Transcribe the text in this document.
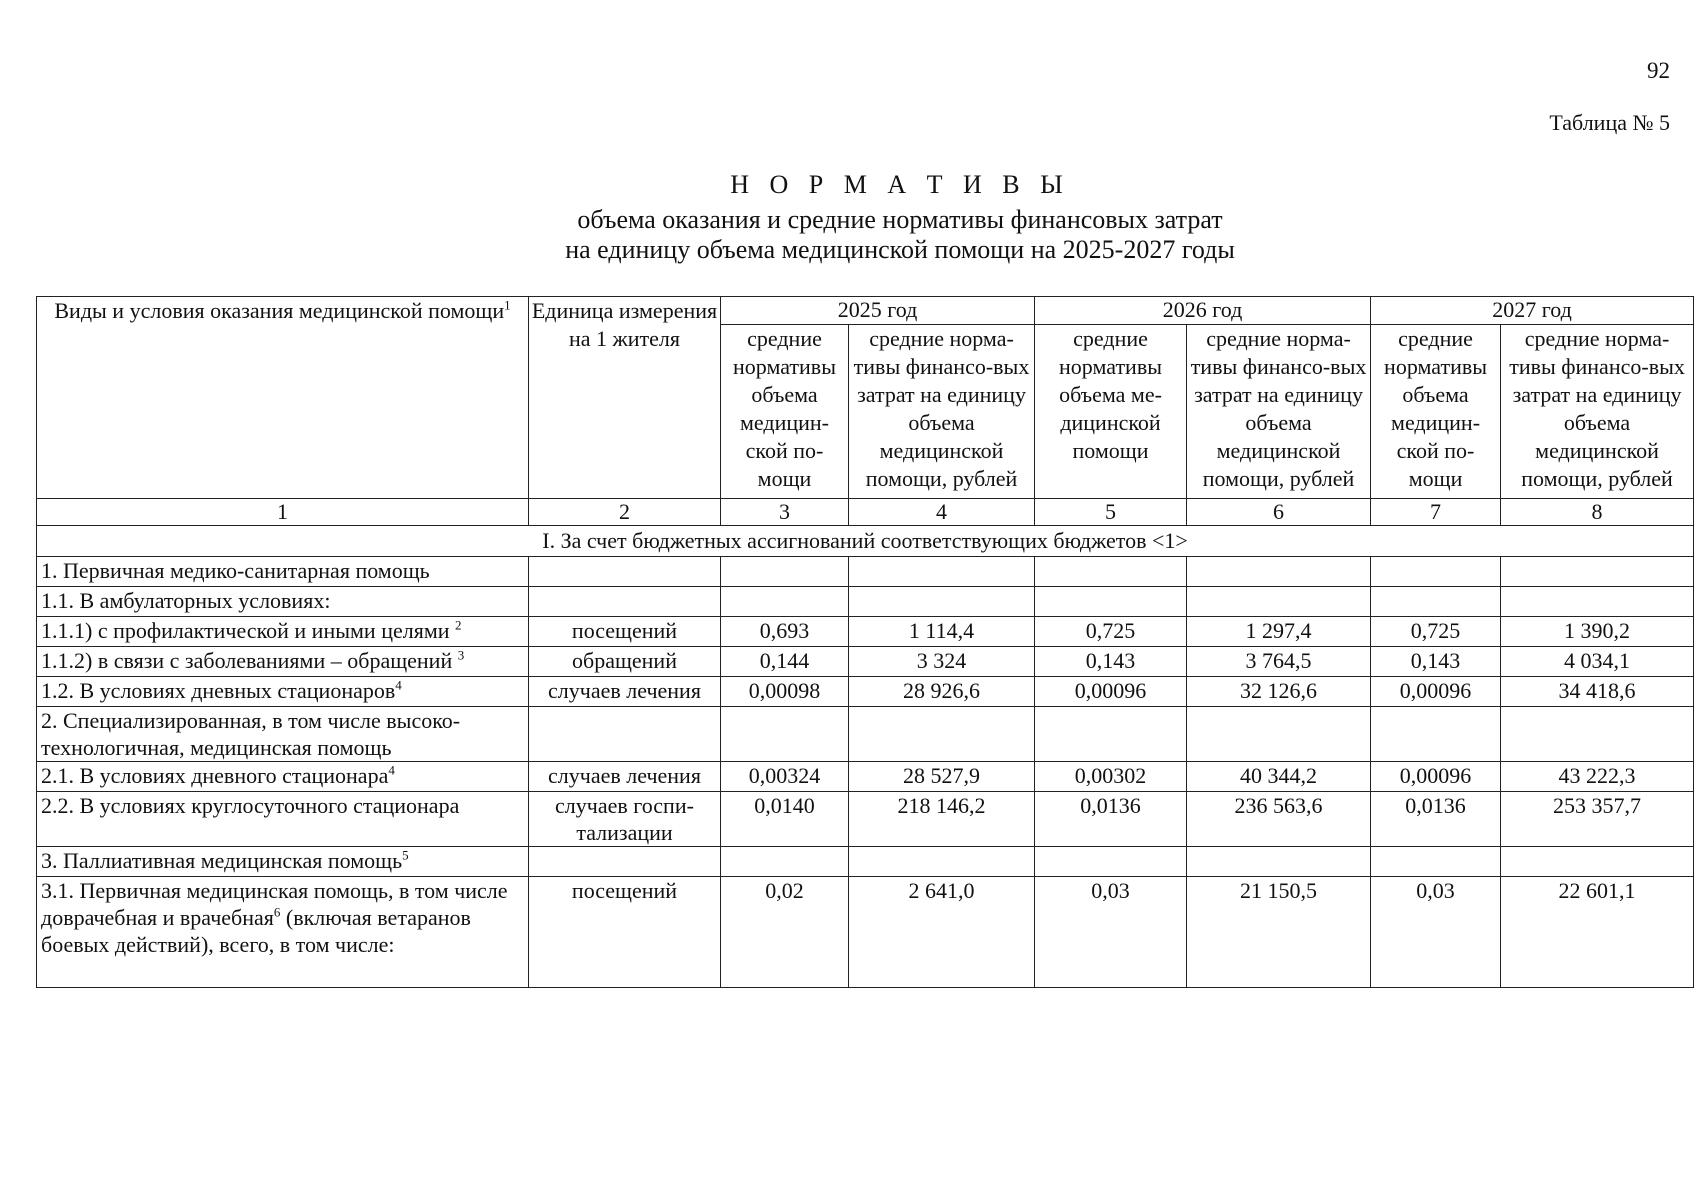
92
Таблица № 5
Н О Р М А Т И В Ы
объема оказания и средние нормативы финансовых затрат
на единицу объема медицинской помощи на 2025-2027 годы
Виды и условия оказания медицинской помощи$^1$	Единица измерения на 1 жителя	2025 год		2026 год		2027 год	
		средние нормативы объема медицин-ской по-мощи	средние норма-тивы финансо-вых затрат на единицу объема медицинской помощи, рублей	средние нормативы объема ме-дицинской помощи	средние норма-тивы финансо-вых затрат на единицу объема медицинской помощи, рублей	средние нормативы объема медицин-ской по-мощи	средние норма-тивы финансо-вых затрат на единицу объема медицинской помощи, рублей
1	2	3	4	5	6	7	8
I. За счет бюджетных ассигнований соответствующих бюджетов <1>							
1. Первичная медико-санитарная помощь							
1.1. В амбулаторных условиях:							
1.1.1) с профилактической и иными целями $^2$	посещений	0,693	1 114,4	0,725	1 297,4	0,725	1 390,2
1.1.2) в связи с заболеваниями – обращений $^3$	обращений	0,144	3 324	0,143	3 764,5	0,143	4 034,1
1.2. В условиях дневных стационаров$^4$	случаев лечения	0,00098	28 926,6	0,00096	32 126,6	0,00096	34 418,6
2. Специализированная, в том числе высоко-технологичная, медицинская помощь							
2.1. В условиях дневного стационара$^4$	случаев лечения	0,00324	28 527,9	0,00302	40 344,2	0,00096	43 222,3
2.2. В условиях круглосуточного стационара	случаев госпи-тализации	0,0140	218 146,2	0,0136	236 563,6	0,0136	253 357,7
3. Паллиативная медицинская помощь$^5$							
3.1. Первичная медицинская помощь, в том числе доврачебная и врачебная$^6$ (включая ветаранов боевых действий), всего, в том числе:	посещений	0,02	2 641,0	0,03	21 150,5	0,03	22 601,1
